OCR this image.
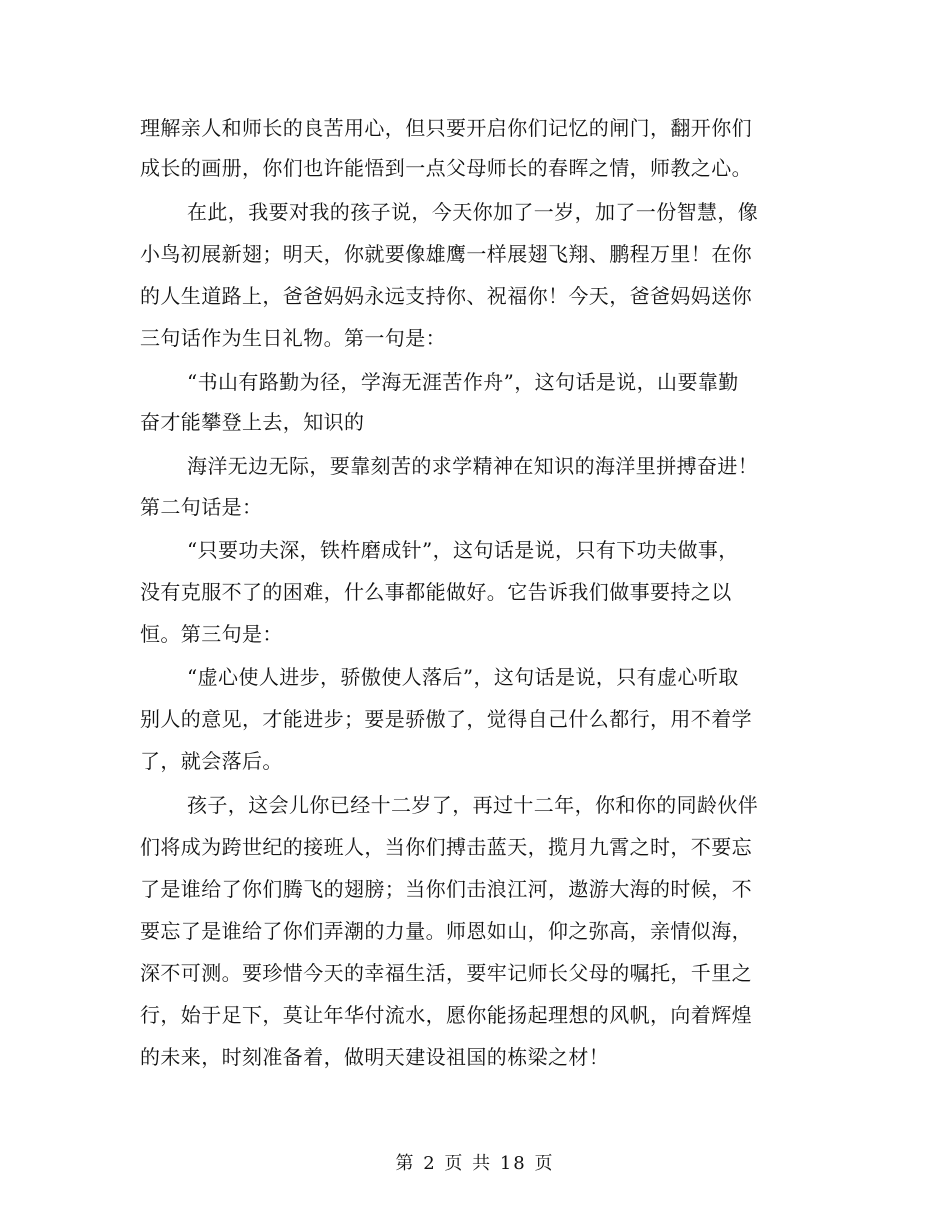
理解亲人和师长的良苦用心，但只要开启你们记忆的闸门，翻开你们
成长的画册，你们也许能悟到一点父母师长的春晖之情，师教之心。
在此，我要对我的孩子说，今天你加了一岁，加了一份智慧，像
小鸟初展新翅；明天，你就要像雄鹰一样展翅飞翔、鹏程万里！在你
的人生道路上，爸爸妈妈永远支持你、祝福你！今天，爸爸妈妈送你
三句话作为生日礼物。第一句是：
“书山有路勤为径，学海无涯苦作舟”，这句话是说，山要靠勤
奋才能攀登上去，知识的
海洋无边无际，要靠刻苦的求学精神在知识的海洋里拼搏奋进！
第二句话是：
“只要功夫深，铁杵磨成针”，这句话是说，只有下功夫做事，
没有克服不了的困难，什么事都能做好。它告诉我们做事要持之以
恒。第三句是：
“虚心使人进步，骄傲使人落后”，这句话是说，只有虚心听取
别人的意见，才能进步；要是骄傲了，觉得自己什么都行，用不着学
了，就会落后。
孩子，这会儿你已经十二岁了，再过十二年，你和你的同龄伙伴
们将成为跨世纪的接班人，当你们搏击蓝天，揽月九霄之时，不要忘
了是谁给了你们腾飞的翅膀；当你们击浪江河，遨游大海的时候，不
要忘了是谁给了你们弄潮的力量。师恩如山，仰之弥高，亲情似海，
深不可测。要珍惜今天的幸福生活，要牢记师长父母的嘱托，千里之
行，始于足下，莫让年华付流水，愿你能扬起理想的风帆，向着辉煌
的未来，时刻准备着，做明天建设祖国的栋梁之材！
第 2 页 共 18 页
